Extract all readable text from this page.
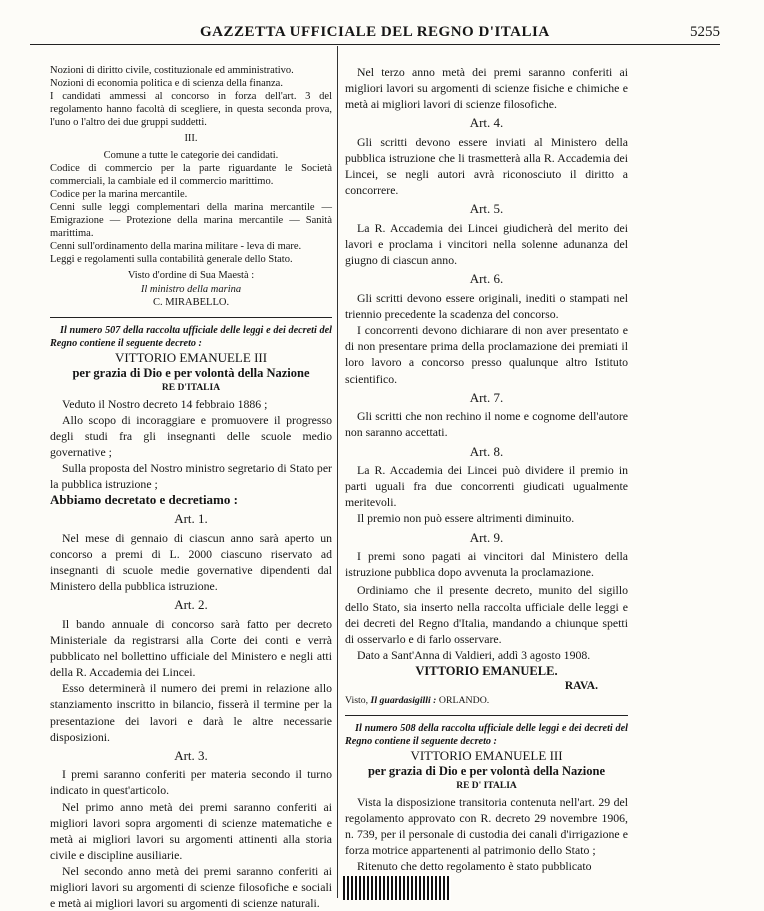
GAZZETTA UFFICIALE DEL REGNO D'ITALIA	5255

Nozioni di diritto civile, costituzionale ed amministrativo.

Nozioni di economia politica e di scienza della finanza.

I candidati ammessi al concorso in forza dell'art. 3 del regolamento hanno facoltà di scegliere, in questa seconda prova, l'uno o l'altro dei due gruppi suddetti.

III.

Comune a tutte le categorie dei candidati.

Codice di commercio per la parte riguardante le Società commerciali, la cambiale ed il commercio marittimo.

Codice per la marina mercantile.

Cenni sulle leggi complementari della marina mercantile — Emigrazione — Protezione della marina mercantile — Sanità marittima.

Cenni sull'ordinamento della marina militare - leva di mare.

Leggi e regolamenti sulla contabilità generale dello Stato.

Visto d'ordine di Sua Maestà :

Il ministro della marina

C. MIRABELLO.

Il numero 507 della raccolta ufficiale delle leggi e dei decreti del Regno contiene il seguente decreto :

VITTORIO EMANUELE III

per grazia di Dio e per volontà della Nazione

RE D'ITALIA

Veduto il Nostro decreto 14 febbraio 1886 ;

Allo scopo di incoraggiare e promuovere il progresso degli studi fra gli insegnanti delle scuole medio governative ;

Sulla proposta del Nostro ministro segretario di Stato per la pubblica istruzione ;

Abbiamo decretato e decretiamo :

Art. 1.

Nel mese di gennaio di ciascun anno sarà aperto un concorso a premi di L. 2000 ciascuno riservato ad insegnanti di scuole medie governative dipendenti dal Ministero della pubblica istruzione.

Art. 2.

Il bando annuale di concorso sarà fatto per decreto Ministeriale da registrarsi alla Corte dei conti e verrà pubblicato nel bollettino ufficiale del Ministero e negli atti della R. Accademia dei Lincei.

Esso determinerà il numero dei premi in relazione allo stanziamento inscritto in bilancio, fisserà il termine per la presentazione dei lavori e darà le altre necessarie disposizioni.

Art. 3.

I premi saranno conferiti per materia secondo il turno indicato in quest'articolo.

Nel primo anno metà dei premi saranno conferiti ai migliori lavori sopra argomenti di scienze matematiche e metà ai migliori lavori su argomenti attinenti alla storia civile e discipline ausiliarie.

Nel secondo anno metà dei premi saranno conferiti ai migliori lavori su argomenti di scienze filosofiche e sociali e metà ai migliori lavori su argomenti di scienze naturali.

Nel terzo anno metà dei premi saranno conferiti ai migliori lavori su argomenti di scienze fisiche e chimiche e metà ai migliori lavori di scienze filosofiche.

Art. 4.

Gli scritti devono essere inviati al Ministero della pubblica istruzione che li trasmetterà alla R. Accademia dei Lincei, se negli autori avrà riconosciuto il diritto a concorrere.

Art. 5.

La R. Accademia dei Lincei giudicherà del merito dei lavori e proclama i vincitori nella solenne adunanza del giugno di ciascun anno.

Art. 6.

Gli scritti devono essere originali, inediti o stampati nel triennio precedente la scadenza del concorso.

I concorrenti devono dichiarare di non aver presentato e di non presentare prima della proclamazione dei premiati il loro lavoro a concorso presso qualunque altro Istituto scientifico.

Art. 7.

Gli scritti che non rechino il nome e cognome dell'autore non saranno accettati.

Art. 8.

La R. Accademia dei Lincei può dividere il premio in parti uguali fra due concorrenti giudicati ugualmente meritevoli.

Il premio non può essere altrimenti diminuito.

Art. 9.

I premi sono pagati ai vincitori dal Ministero della istruzione pubblica dopo avvenuta la proclamazione.

Ordiniamo che il presente decreto, munito del sigillo dello Stato, sia inserto nella raccolta ufficiale delle leggi e dei decreti del Regno d'Italia, mandando a chiunque spetti di osservarlo e di farlo osservare.

Dato a Sant'Anna di Valdieri, addì 3 agosto 1908.

VITTORIO EMANUELE.

RAVA.

Visto, Il guardasigilli : ORLANDO.

Il numero 508 della raccolta ufficiale delle leggi e dei decreti del Regno contiene il seguente decreto :

VITTORIO EMANUELE III

per grazia di Dio e per volontà della Nazione

RE D' ITALIA

Vista la disposizione transitoria contenuta nell'art. 29 del regolamento approvato con R. decreto 29 novembre 1906, n. 739, per il personale di custodia dei canali d'irrigazione e forza motrice appartenenti al patrimonio dello Stato ;

Ritenuto che detto regolamento è stato pubblicato
